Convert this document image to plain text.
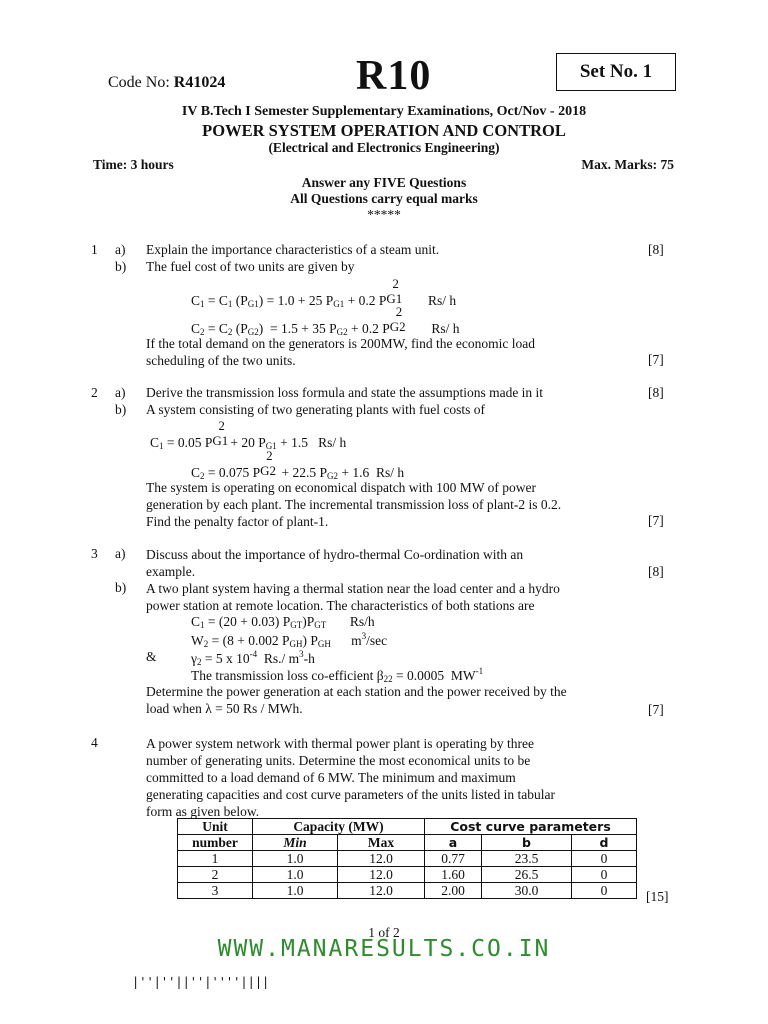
Code No: R41024	R10	Set No. 1
IV B.Tech I Semester Supplementary Examinations, Oct/Nov - 2018
POWER SYSTEM OPERATION AND CONTROL
(Electrical and Electronics Engineering)
Time: 3 hours	Max. Marks: 75
Answer any FIVE Questions
All Questions carry equal marks
*****
1 a) Explain the importance characteristics of a steam unit.	[8]
b) The fuel cost of two units are given by
$C_1 = C_1$ $(P_{G1}) = 1.0 + 25$ $P_{G1} + 0.2$ P
2
G1 Rs/ h
$C_2 = C_2$ $(P_{G2}) = 1.5 + 35$ $P_{G2} + 0.2$ P
2
G2 Rs/ h
If the total demand on the generators is 200MW, find the economic load
scheduling of the two units.	[7]
2 a) Derive the transmission loss formula and state the assumptions made in it	[8]
b) A system consisting of two generating plants with fuel costs of
$C_1 = 0.05$ P
2
G1 + 20 $P_{G1} + 1.5$   Rs/ h
$C_2 = 0.075$ P
2
G2 + 22.5 $P_{G2} + 1.6$  Rs/ h
The system is operating on economical dispatch with 100 MW of power
generation by each plant. The incremental transmission loss of plant-2 is 0.2.
Find the penalty factor of plant-1.	[7]
3 a) Discuss about the importance of hydro-thermal Co-ordination with an
example.	[8]
b) A two plant system having a thermal station near the load center and a hydro
power station at remote location. The characteristics of both stations are
$C_1 = (20 + 0.03)$ $P_{GT})P_{GT}$       Rs/h
$W_2 = (8 + 0.002$ $P_{GH}$) $P_{GH}$      $m^3/\sec$
&	$\gamma_2 = 5$ x $10^{-4}$  Rs./ $m^3-h$
The transmission loss co-efficient $\beta_{22} = 0.0005$  $MW^{-1}$
Determine the power generation at each station and the power received by the
load when λ = 50 Rs / MWh.	[7]
4	A power system network with thermal power plant is operating by three
number of generating units. Determine the most economical units to be
committed to a load demand of 6 MW. The minimum and maximum
generating capacities and cost curve parameters of the units listed in tabular
form as given below.
Unit	Capacity (MW)		Cost curve parameters		
number	Min	Max	a	b	d
1	1.0	12.0	0.77	23.5	0
2	1.0	12.0	1.60	26.5	0
3	1.0	12.0	2.00	30.0	0	[15]
1 of 2
WWW.MANARESULTS.CO.IN
|''|''||''|''''||||
